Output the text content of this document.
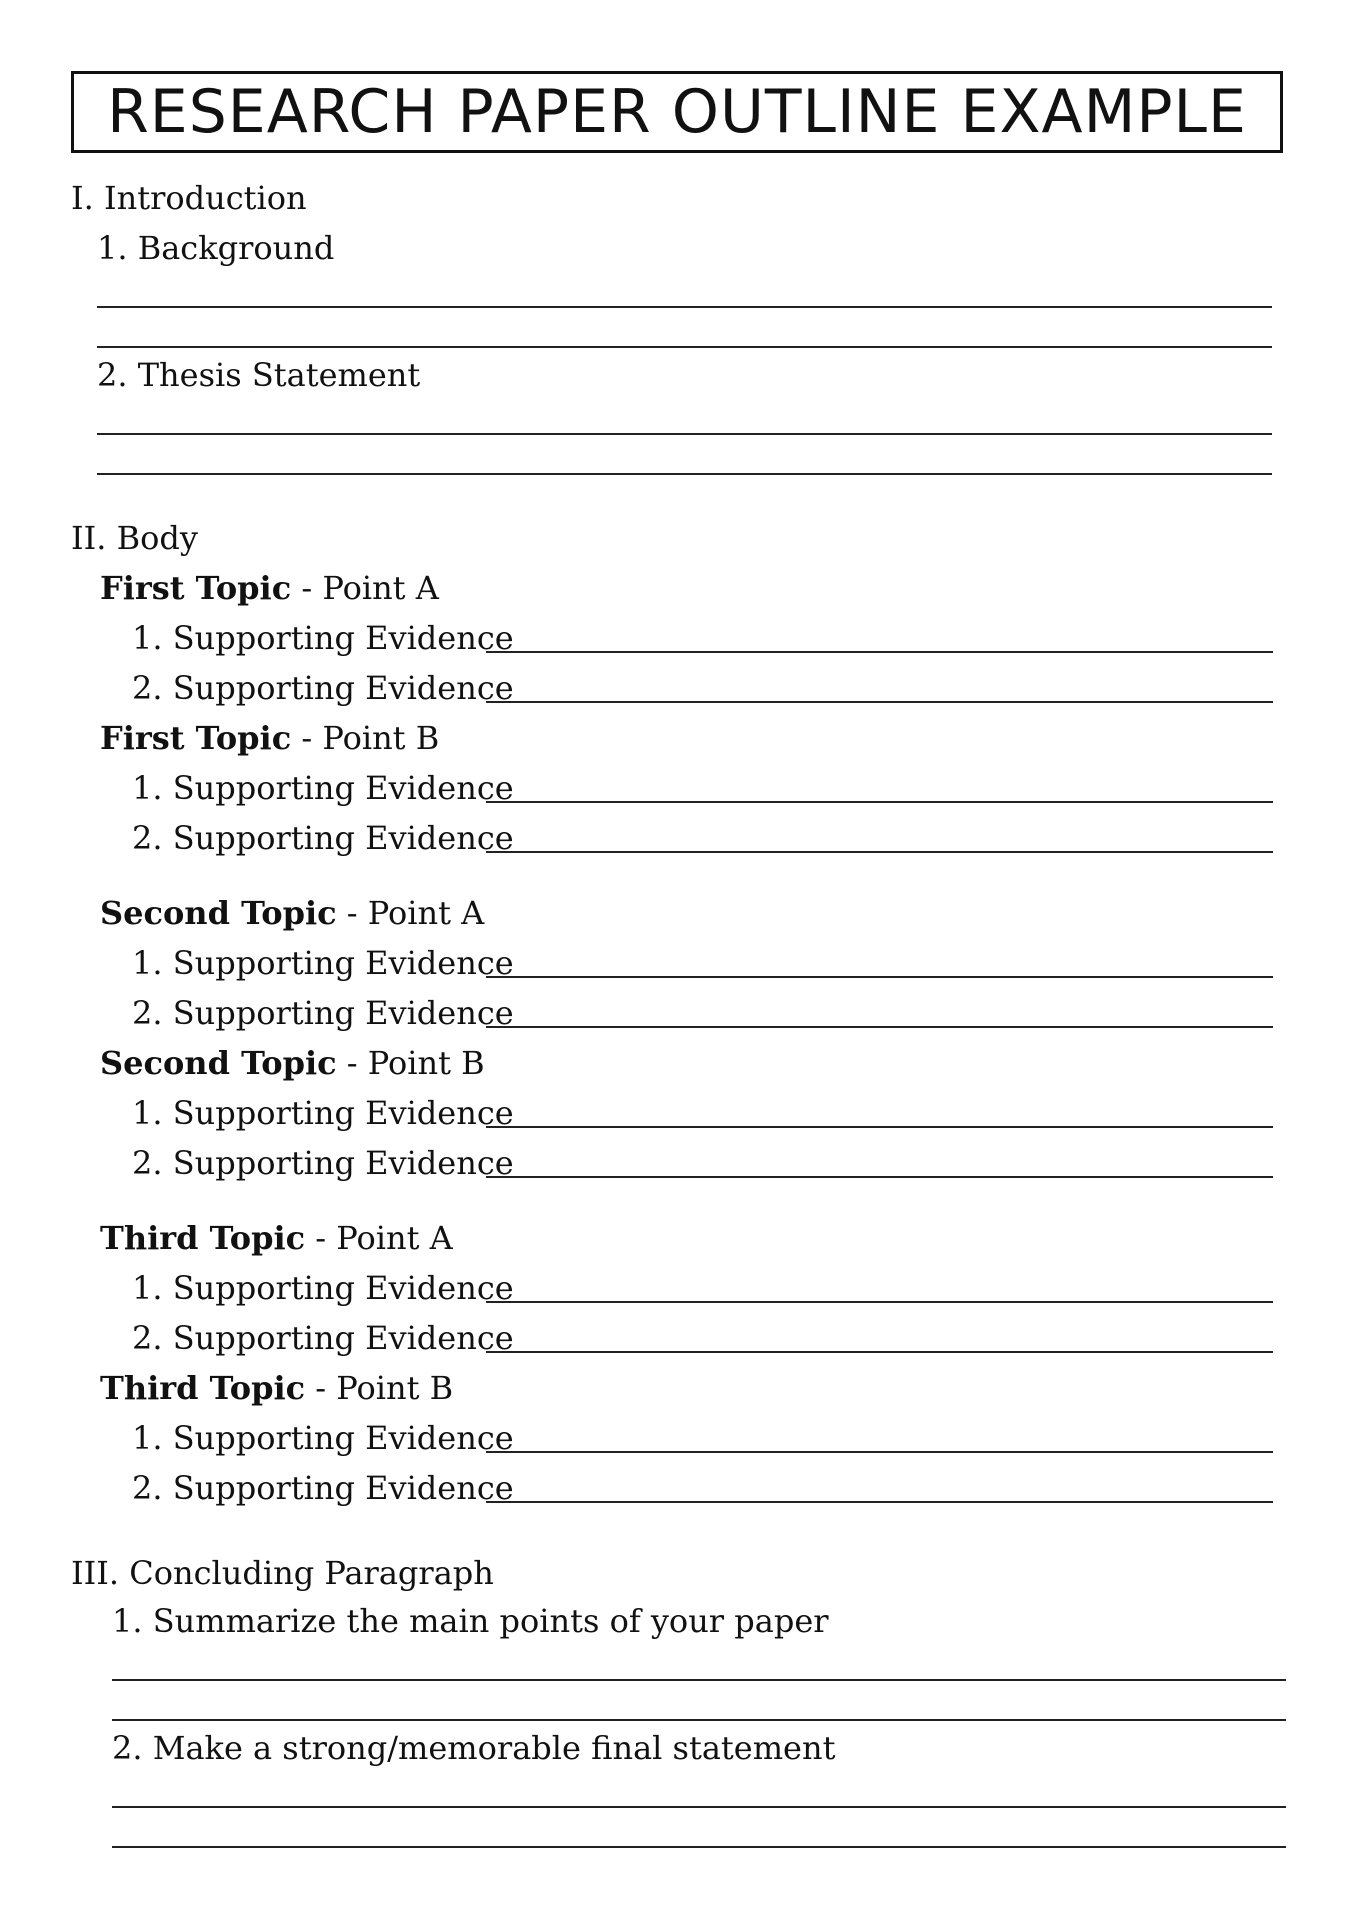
RESEARCH PAPER OUTLINE EXAMPLE
I. Introduction
1. Background
2. Thesis Statement
II. Body
First Topic - Point A
1. Supporting Evidence
2. Supporting Evidence
First Topic - Point B
1. Supporting Evidence
2. Supporting Evidence
Second Topic - Point A
1. Supporting Evidence
2. Supporting Evidence
Second Topic - Point B
1. Supporting Evidence
2. Supporting Evidence
Third Topic - Point A
1. Supporting Evidence
2. Supporting Evidence
Third Topic - Point B
1. Supporting Evidence
2. Supporting Evidence
III. Concluding Paragraph
1. Summarize the main points of your paper
2. Make a strong/memorable final statement
